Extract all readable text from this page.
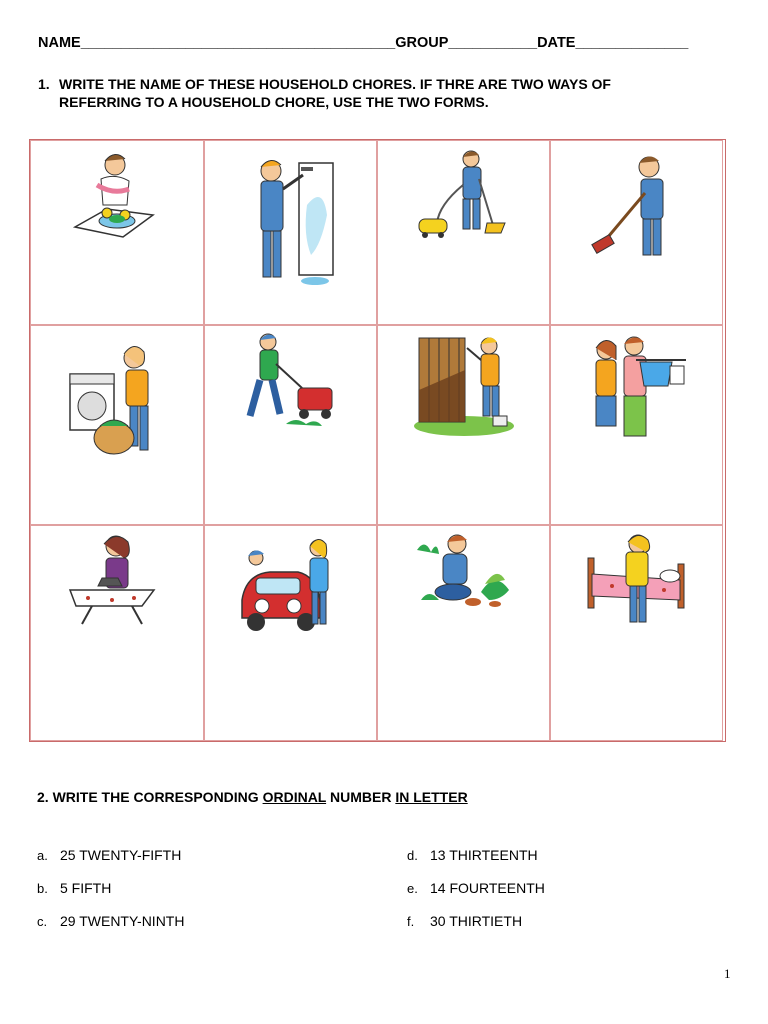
NAME_______________________________________GROUP___________DATE______________
1. WRITE THE NAME OF THESE HOUSEHOLD CHORES. IF THRE ARE TWO WAYS OF
REFERRING TO A HOUSEHOLD CHORE, USE THE TWO FORMS.
2. WRITE THE CORRESPONDING ORDINAL NUMBER IN LETTER
a. 25 TWENTY-FIFTH
b. 5 FIFTH
c. 29 TWENTY-NINTH
d. 13 THIRTEENTH
e. 14 FOURTEENTH
f. 30 THIRTIETH
1
